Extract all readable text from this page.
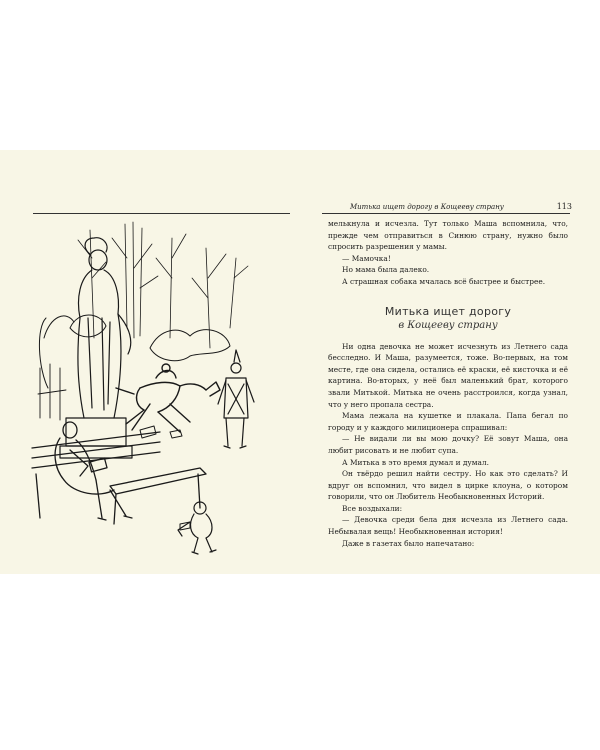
Митька ищет дорогу в Кощееву страну	113

мелькнула и исчезла. Тут только Маша вспомнила, что, прежде чем отправиться в Синюю страну, нужно было спросить разрешения у мамы.

— Мамочка!

Но мама была далеко.

А страшная собака мчалась всё быстрее и быстрее.

Митька ищет дорогу
в Кощееву страну

Ни одна девочка не может исчезнуть из Летнего сада бесследно. И Маша, разумеется, тоже. Во-первых, на том месте, где она сидела, остались её краски, её кисточка и её картина. Во-вторых, у неё был маленький брат, которого звали Митькой. Митька не очень расстроился, когда узнал, что у него пропала сестра.

Мама лежала на кушетке и плакала. Папа бегал по городу и у каждого милиционера спрашивал:

— Не видали ли вы мою дочку? Её зовут Маша, она любит рисовать и не любит супа.

А Митька в это время думал и думал.

Он твёрдо решил найти сестру. Но как это сделать? И вдруг он вспомнил, что видел в цирке клоуна, о котором говорили, что он Любитель Необыкновенных Историй.

Все воздыхали:

— Девочка среди бела дня исчезла из Летнего сада. Небывалая вещь! Необыкновенная история!

Даже в газетах было напечатано:
